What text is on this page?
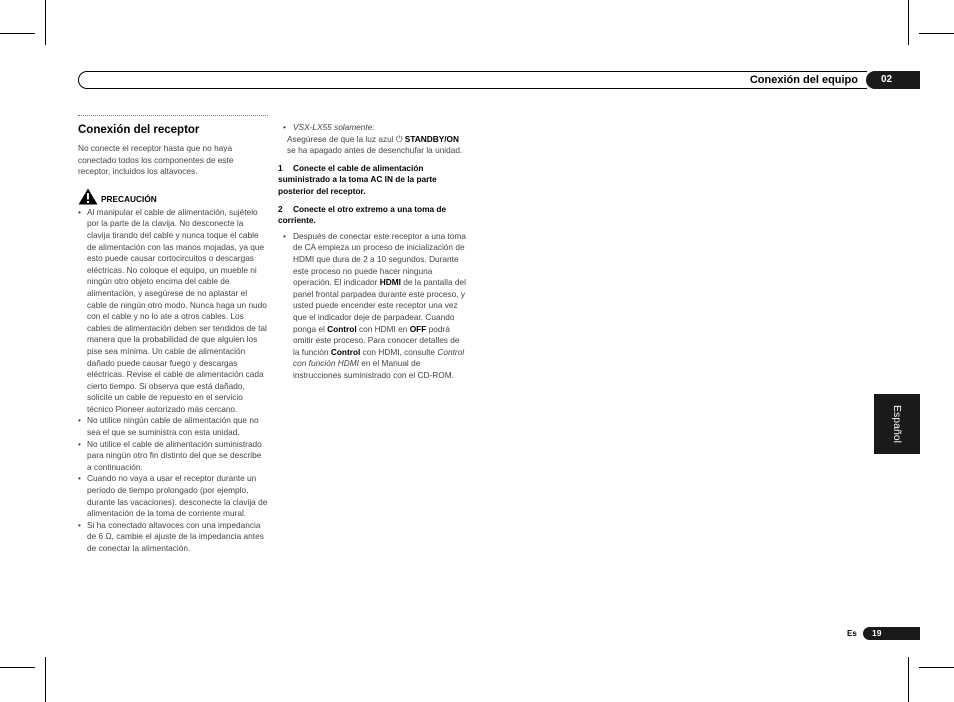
Conexión del equipo	02
Conexión del receptor

No conecte el receptor hasta que no haya conectado todos los componentes de este receptor, incluidos los altavoces.

PRECAUCIÓN
• Al manipular el cable de alimentación, sujételo por la parte de la clavija. No desconecte la clavija tirando del cable y nunca toque el cable de alimentación con las manos mojadas, ya que esto puede causar cortocircuitos o descargas eléctricas. No coloque el equipo, un mueble ni ningún otro objeto encima del cable de alimentación, y asegúrese de no aplastar el cable de ningún otro modo. Nunca haga un nudo con el cable y no lo ate a otros cables. Los cables de alimentación deben ser tendidos de tal manera que la probabilidad de que alguien los pise sea mínima. Un cable de alimentación dañado puede causar fuego y descargas eléctricas. Revise el cable de alimentación cada cierto tiempo. Si observa que está dañado, solicite un cable de repuesto en el servicio técnico Pioneer autorizado más cercano.
• No utilice ningún cable de alimentación que no sea el que se suministra con esta unidad.
• No utilice el cable de alimentación suministrado para ningún otro fin distinto del que se describe a continuación.
• Cuando no vaya a usar el receptor durante un período de tiempo prolongado (por ejemplo, durante las vacaciones). desconecte la clavija de alimentación de la toma de corriente mural.
• Si ha conectado altavoces con una impedancia de 6 Ω, cambie el ajuste de la impedancia antes de conectar la alimentación.
• VSX-LX55 solamente:
Asegúrese de que la luz azul ⏻ STANDBY/ON se ha apagado antes de desenchufar la unidad.
1 Conecte el cable de alimentación suministrado a la toma AC IN de la parte posterior del receptor.
2 Conecte el otro extremo a una toma de corriente.
• Después de conectar este receptor a una toma de CA empieza un proceso de inicialización de HDMI que dura de 2 a 10 segundos. Durante este proceso no puede hacer ninguna operación. El indicador HDMI de la pantalla del panel frontal parpadea durante este proceso, y usted puede encender este receptor una vez que el indicador deje de parpadear. Cuando ponga el Control con HDMI en OFF podrá omitir este proceso. Para conocer detalles de la función Control con HDMI, consulte Control con función HDMI en el Manual de instrucciones suministrado con el CD-ROM.
Español
Es	19
